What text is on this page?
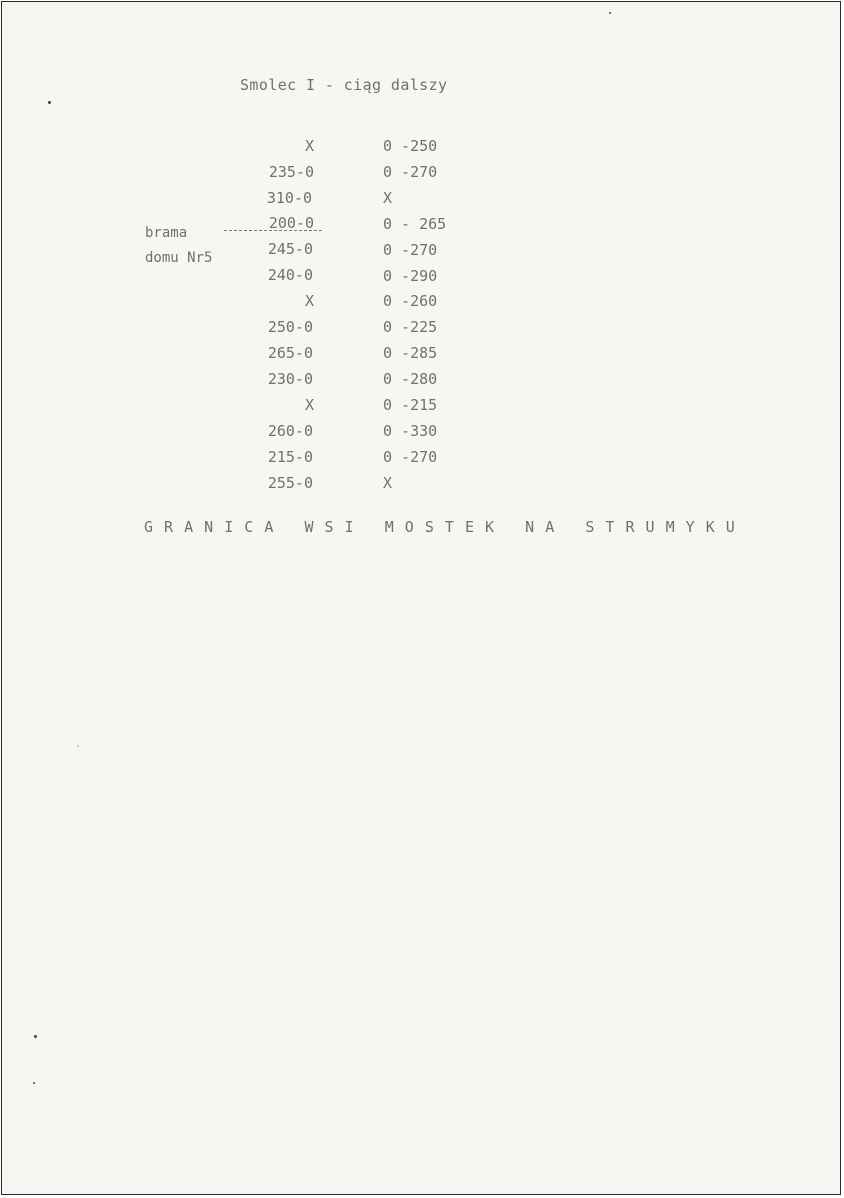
Smolec I - ciąg dalszy
brama
domu Nr5
X	0 -250
235-0	0 -270
310-0	X
200-0	0 - 265
245-0	0 -270
240-0	0 -290
X	0 -260
250-0	0 -225
265-0	0 -285
230-0	0 -280
X	0 -215
260-0	0 -330
215-0	0 -270
255-0	X
G R A N I C A   W S I   M O S T E K   N A   S T R U M Y K U
